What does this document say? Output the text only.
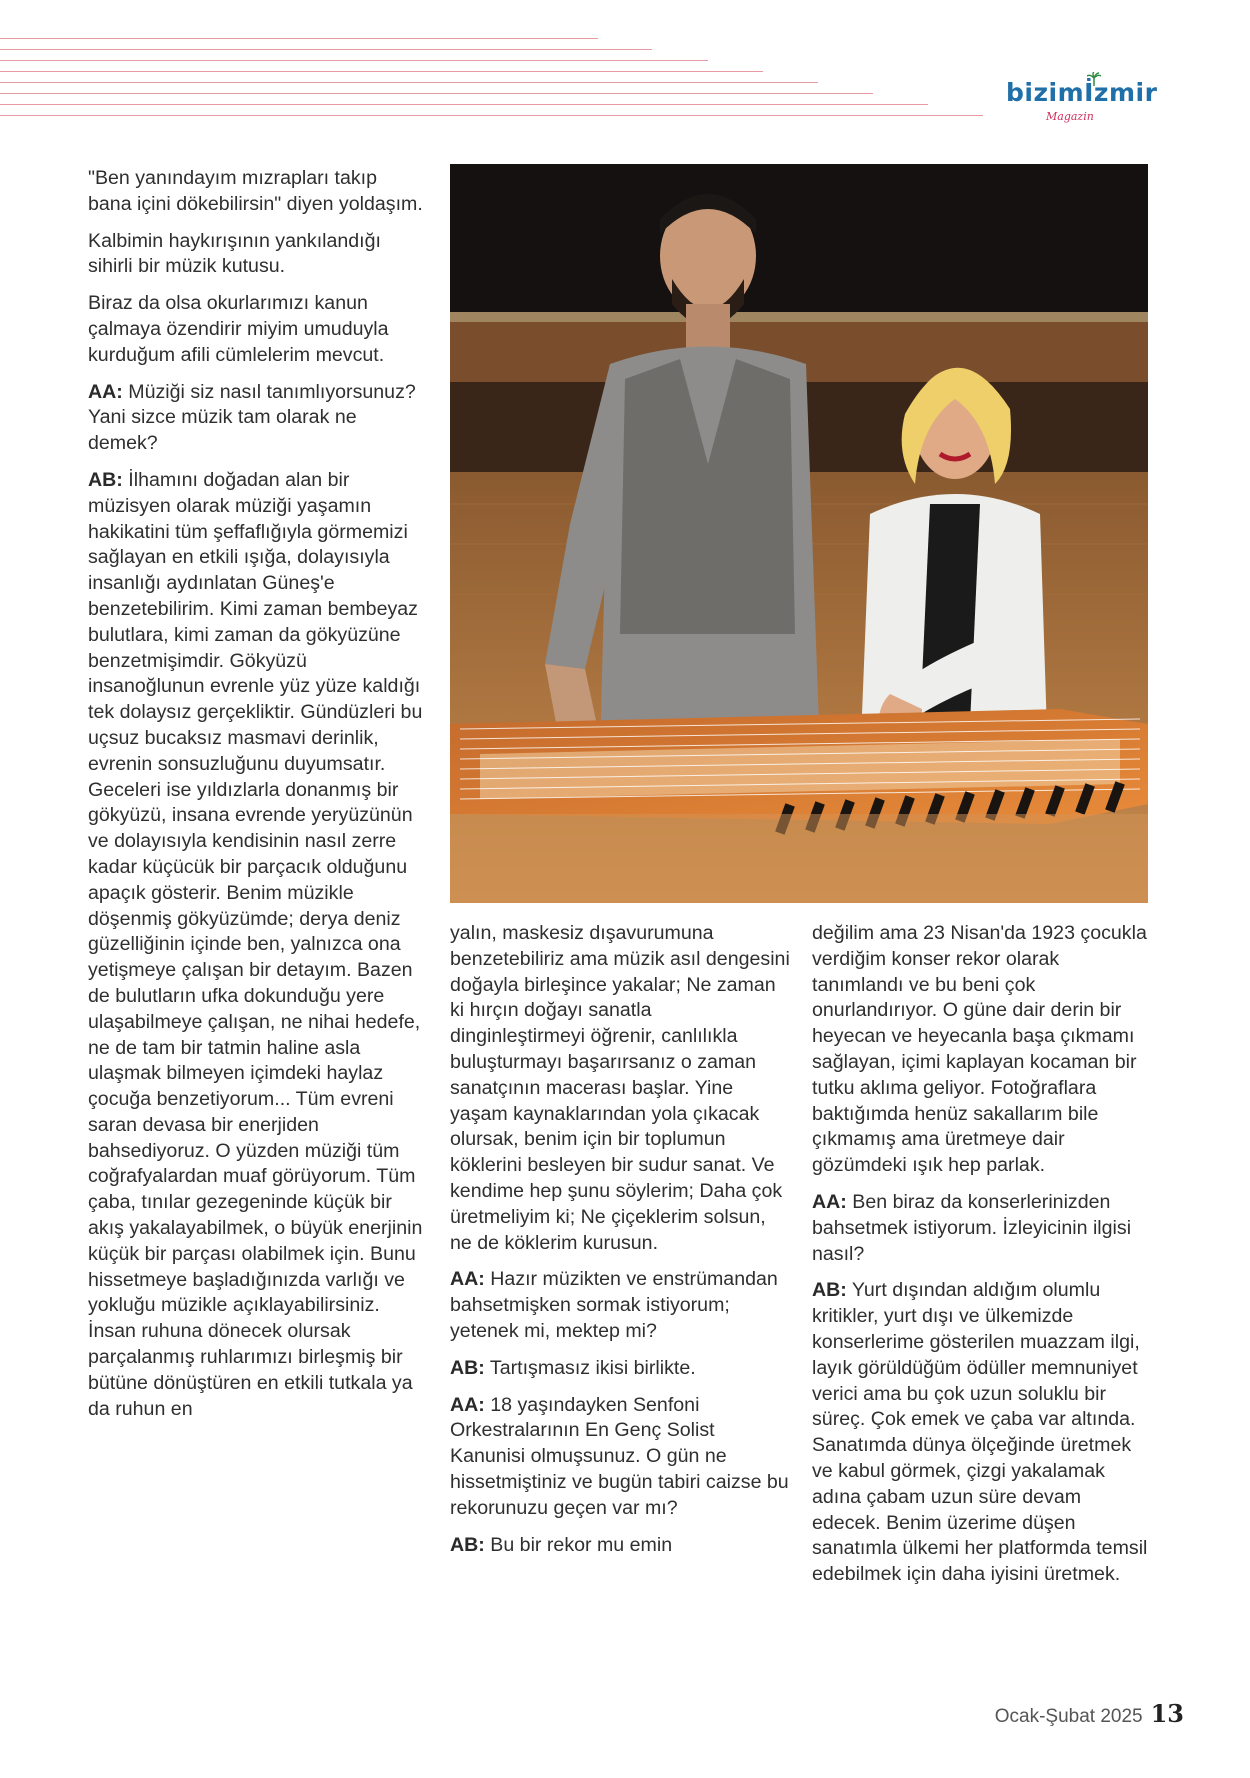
bizimİzmir
Magazin

"Ben yanındayım mızrapları takıp bana içini dökebilirsin" diyen yoldaşım.

Kalbimin haykırışının yankılandığı sihirli bir müzik kutusu.

Biraz da olsa okurlarımızı kanun çalmaya özendirir miyim umuduyla kurduğum afili cümlelerim mevcut.

AA: Müziği siz nasıl tanımlıyorsunuz? Yani sizce müzik tam olarak ne demek?

AB: İlhamını doğadan alan bir müzisyen olarak müziği yaşamın hakikatini tüm şeffaflığıyla görmemizi sağlayan en etkili ışığa, dolayısıyla insanlığı aydınlatan Güneş'e benzetebilirim. Kimi zaman bembeyaz bulutlara, kimi zaman da gökyüzüne benzetmişimdir. Gökyüzü insanoğlunun evrenle yüz yüze kaldığı tek dolaysız gerçekliktir. Gündüzleri bu uçsuz bucaksız masmavi derinlik, evrenin sonsuzluğunu duyumsatır. Geceleri ise yıldızlarla donanmış bir gökyüzü, insana evrende yeryüzünün ve dolayısıyla kendisinin nasıl zerre kadar küçücük bir parçacık olduğunu apaçık gösterir. Benim müzikle döşenmiş gökyüzümde; derya deniz güzelliğinin içinde ben, yalnızca ona yetişmeye çalışan bir detayım. Bazen de bulutların ufka dokunduğu yere ulaşabilmeye çalışan, ne nihai hedefe, ne de tam bir tatmin haline asla ulaşmak bilmeyen içimdeki haylaz çocuğa benzetiyorum... Tüm evreni saran devasa bir enerjiden bahsediyoruz. O yüzden müziği tüm coğrafyalardan muaf görüyorum. Tüm çaba, tınılar gezegeninde küçük bir akış yakalayabilmek, o büyük enerjinin küçük bir parçası olabilmek için. Bunu hissetmeye başladığınızda varlığı ve yokluğu müzikle açıklayabilirsiniz. İnsan ruhuna dönecek olursak parçalanmış ruhlarımızı birleşmiş bir bütüne dönüştüren en etkili tutkala ya da ruhun en

yalın, maskesiz dışavurumuna benzetebiliriz ama müzik asıl dengesini doğayla birleşince yakalar; Ne zaman ki hırçın doğayı sanatla dinginleştirmeyi öğrenir, canlılıkla buluşturmayı başarırsanız o zaman sanatçının macerası başlar. Yine yaşam kaynaklarından yola çıkacak olursak, benim için bir toplumun köklerini besleyen bir sudur sanat. Ve kendime hep şunu söylerim; Daha çok üretmeliyim ki; Ne çiçeklerim solsun, ne de köklerim kurusun.

AA: Hazır müzikten ve enstrümandan bahsetmişken sormak istiyorum; yetenek mi, mektep mi?

AB: Tartışmasız ikisi birlikte.

AA: 18 yaşındayken Senfoni Orkestralarının En Genç Solist Kanunisi olmuşsunuz. O gün ne hissetmiştiniz ve bugün tabiri caizse bu rekorunuzu geçen var mı?

AB: Bu bir rekor mu emin

değilim ama 23 Nisan'da 1923 çocukla verdiğim konser rekor olarak tanımlandı ve bu beni çok onurlandırıyor. O güne dair derin bir heyecan ve heyecanla başa çıkmamı sağlayan, içimi kaplayan kocaman bir tutku aklıma geliyor. Fotoğraflara baktığımda henüz sakallarım bile çıkmamış ama üretmeye dair gözümdeki ışık hep parlak.

AA: Ben biraz da konserlerinizden bahsetmek istiyorum. İzleyicinin ilgisi nasıl?

AB: Yurt dışından aldığım olumlu kritikler, yurt dışı ve ülkemizde konserlerime gösterilen muazzam ilgi, layık görüldüğüm ödüller memnuniyet verici ama bu çok uzun soluklu bir süreç. Çok emek ve çaba var altında. Sanatımda dünya ölçeğinde üretmek ve kabul görmek, çizgi yakalamak adına çabam uzun süre devam edecek. Benim üzerime düşen sanatımla ülkemi her platformda temsil edebilmek için daha iyisini üretmek.

Ocak-Şubat 2025 13
